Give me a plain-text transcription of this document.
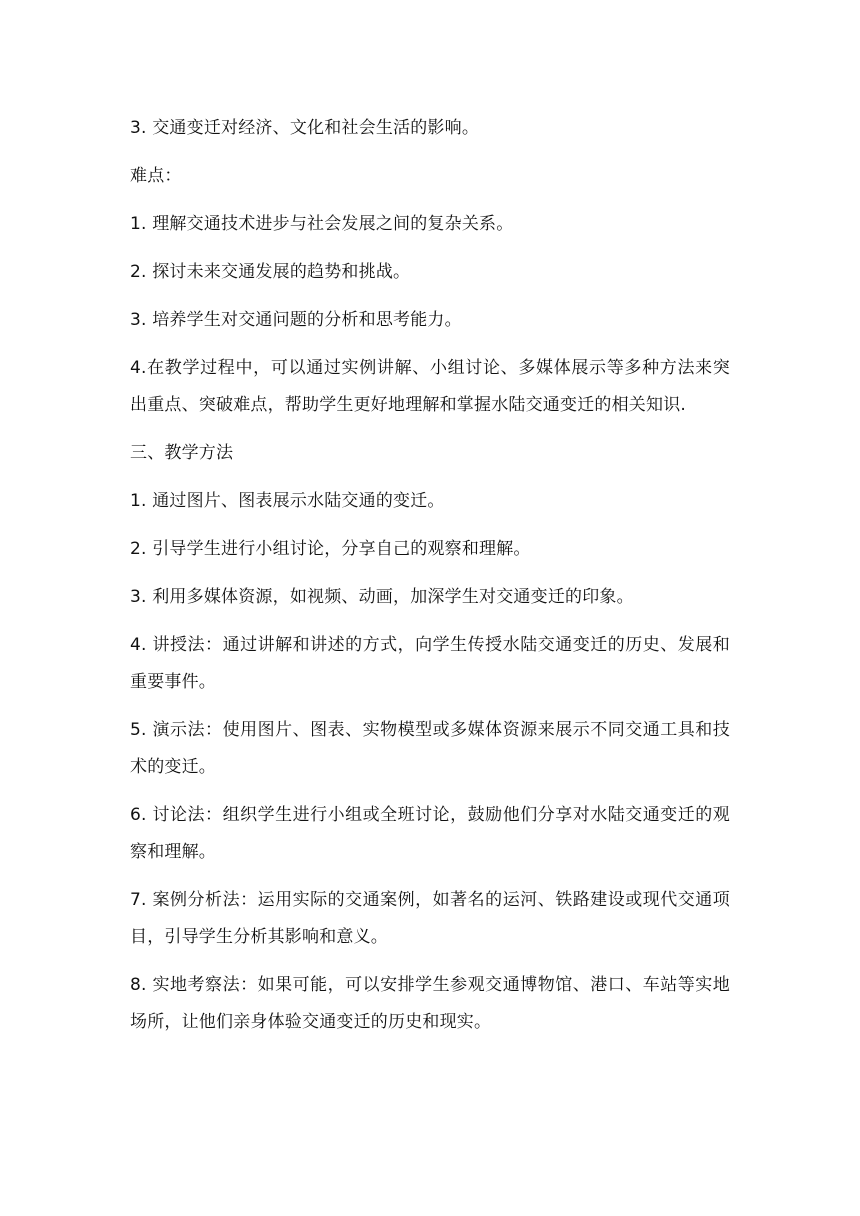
3. 交通变迁对经济、文化和社会生活的影响。

难点：

1. 理解交通技术进步与社会发展之间的复杂关系。

2. 探讨未来交通发展的趋势和挑战。

3. 培养学生对交通问题的分析和思考能力。

4.在教学过程中，可以通过实例讲解、小组讨论、多媒体展示等多种方法来突出重点、突破难点，帮助学生更好地理解和掌握水陆交通变迁的相关知识.

三、教学方法

1. 通过图片、图表展示水陆交通的变迁。

2. 引导学生进行小组讨论，分享自己的观察和理解。

3. 利用多媒体资源，如视频、动画，加深学生对交通变迁的印象。

4. 讲授法：通过讲解和讲述的方式，向学生传授水陆交通变迁的历史、发展和重要事件。

5. 演示法：使用图片、图表、实物模型或多媒体资源来展示不同交通工具和技术的变迁。

6. 讨论法：组织学生进行小组或全班讨论，鼓励他们分享对水陆交通变迁的观察和理解。

7. 案例分析法：运用实际的交通案例，如著名的运河、铁路建设或现代交通项目，引导学生分析其影响和意义。

8. 实地考察法：如果可能，可以安排学生参观交通博物馆、港口、车站等实地场所，让他们亲身体验交通变迁的历史和现实。
